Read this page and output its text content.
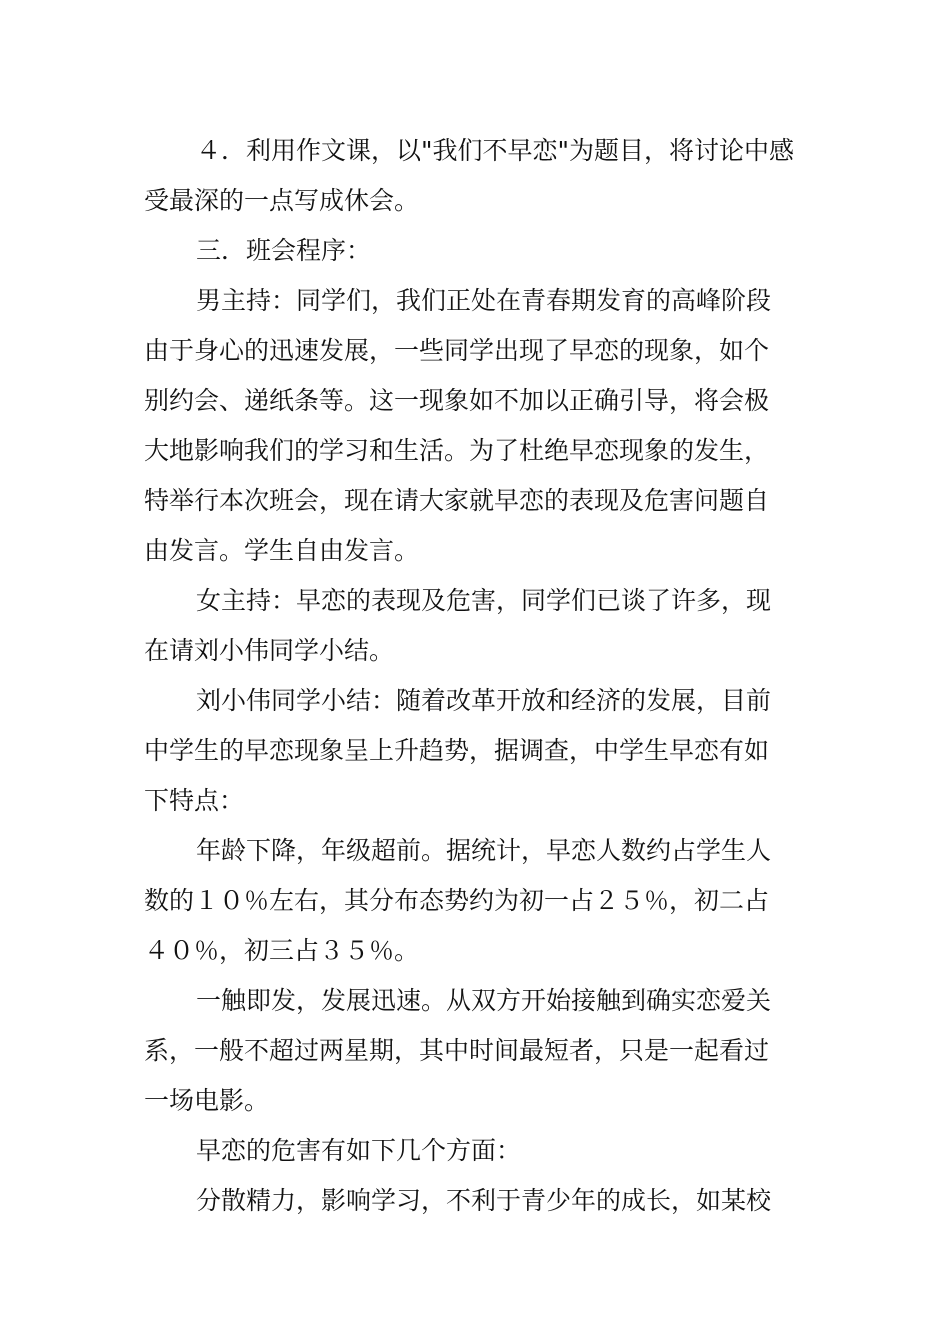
４．利用作文课，以"我们不早恋"为题目，将讨论中感
受最深的一点写成休会。
三．班会程序：
男主持：同学们，我们正处在青春期发育的高峰阶段
由于身心的迅速发展，一些同学出现了早恋的现象，如个
别约会、递纸条等。这一现象如不加以正确引导，将会极
大地影响我们的学习和生活。为了杜绝早恋现象的发生，
特举行本次班会，现在请大家就早恋的表现及危害问题自
由发言。学生自由发言。
女主持：早恋的表现及危害，同学们已谈了许多，现
在请刘小伟同学小结。
刘小伟同学小结：随着改革开放和经济的发展，目前
中学生的早恋现象呈上升趋势，据调查，中学生早恋有如
下特点：
年龄下降，年级超前。据统计，早恋人数约占学生人
数的１０％左右，其分布态势约为初一占２５％，初二占
４０％，初三占３５％。
一触即发，发展迅速。从双方开始接触到确实恋爱关
系，一般不超过两星期，其中时间最短者，只是一起看过
一场电影。
早恋的危害有如下几个方面：
分散精力，影响学习，不利于青少年的成长，如某校
